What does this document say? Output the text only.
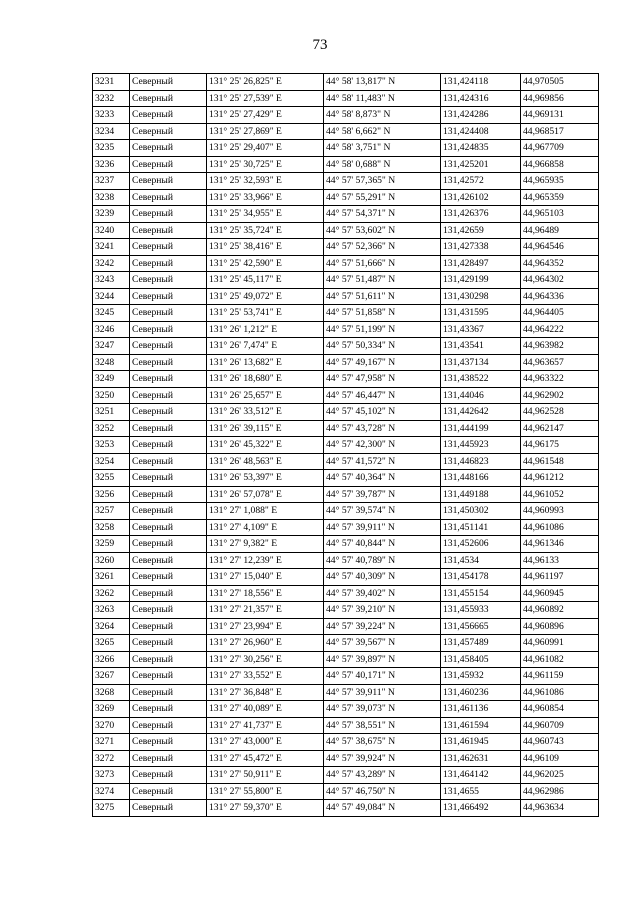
73
3231	Северный	131° 25' 26,825" E	44° 58' 13,817" N	131,424118	44,970505
3232	Северный	131° 25' 27,539" E	44° 58' 11,483" N	131,424316	44,969856
3233	Северный	131° 25' 27,429" E	44° 58' 8,873" N	131,424286	44,969131
3234	Северный	131° 25' 27,869" E	44° 58' 6,662" N	131,424408	44,968517
3235	Северный	131° 25' 29,407" E	44° 58' 3,751" N	131,424835	44,967709
3236	Северный	131° 25' 30,725" E	44° 58' 0,688" N	131,425201	44,966858
3237	Северный	131° 25' 32,593" E	44° 57' 57,365" N	131,42572	44,965935
3238	Северный	131° 25' 33,966" E	44° 57' 55,291" N	131,426102	44,965359
3239	Северный	131° 25' 34,955" E	44° 57' 54,371" N	131,426376	44,965103
3240	Северный	131° 25' 35,724" E	44° 57' 53,602" N	131,42659	44,96489
3241	Северный	131° 25' 38,416" E	44° 57' 52,366" N	131,427338	44,964546
3242	Северный	131° 25' 42,590" E	44° 57' 51,666" N	131,428497	44,964352
3243	Северный	131° 25' 45,117" E	44° 57' 51,487" N	131,429199	44,964302
3244	Северный	131° 25' 49,072" E	44° 57' 51,611" N	131,430298	44,964336
3245	Северный	131° 25' 53,741" E	44° 57' 51,858" N	131,431595	44,964405
3246	Северный	131° 26' 1,212" E	44° 57' 51,199" N	131,43367	44,964222
3247	Северный	131° 26' 7,474" E	44° 57' 50,334" N	131,43541	44,963982
3248	Северный	131° 26' 13,682" E	44° 57' 49,167" N	131,437134	44,963657
3249	Северный	131° 26' 18,680" E	44° 57' 47,958" N	131,438522	44,963322
3250	Северный	131° 26' 25,657" E	44° 57' 46,447" N	131,44046	44,962902
3251	Северный	131° 26' 33,512" E	44° 57' 45,102" N	131,442642	44,962528
3252	Северный	131° 26' 39,115" E	44° 57' 43,728" N	131,444199	44,962147
3253	Северный	131° 26' 45,322" E	44° 57' 42,300" N	131,445923	44,96175
3254	Северный	131° 26' 48,563" E	44° 57' 41,572" N	131,446823	44,961548
3255	Северный	131° 26' 53,397" E	44° 57' 40,364" N	131,448166	44,961212
3256	Северный	131° 26' 57,078" E	44° 57' 39,787" N	131,449188	44,961052
3257	Северный	131° 27' 1,088" E	44° 57' 39,574" N	131,450302	44,960993
3258	Северный	131° 27' 4,109" E	44° 57' 39,911" N	131,451141	44,961086
3259	Северный	131° 27' 9,382" E	44° 57' 40,844" N	131,452606	44,961346
3260	Северный	131° 27' 12,239" E	44° 57' 40,789" N	131,4534	44,96133
3261	Северный	131° 27' 15,040" E	44° 57' 40,309" N	131,454178	44,961197
3262	Северный	131° 27' 18,556" E	44° 57' 39,402" N	131,455154	44,960945
3263	Северный	131° 27' 21,357" E	44° 57' 39,210" N	131,455933	44,960892
3264	Северный	131° 27' 23,994" E	44° 57' 39,224" N	131,456665	44,960896
3265	Северный	131° 27' 26,960" E	44° 57' 39,567" N	131,457489	44,960991
3266	Северный	131° 27' 30,256" E	44° 57' 39,897" N	131,458405	44,961082
3267	Северный	131° 27' 33,552" E	44° 57' 40,171" N	131,45932	44,961159
3268	Северный	131° 27' 36,848" E	44° 57' 39,911" N	131,460236	44,961086
3269	Северный	131° 27' 40,089" E	44° 57' 39,073" N	131,461136	44,960854
3270	Северный	131° 27' 41,737" E	44° 57' 38,551" N	131,461594	44,960709
3271	Северный	131° 27' 43,000" E	44° 57' 38,675" N	131,461945	44,960743
3272	Северный	131° 27' 45,472" E	44° 57' 39,924" N	131,462631	44,96109
3273	Северный	131° 27' 50,911" E	44° 57' 43,289" N	131,464142	44,962025
3274	Северный	131° 27' 55,800" E	44° 57' 46,750" N	131,4655	44,962986
3275	Северный	131° 27' 59,370" E	44° 57' 49,084" N	131,466492	44,963634
